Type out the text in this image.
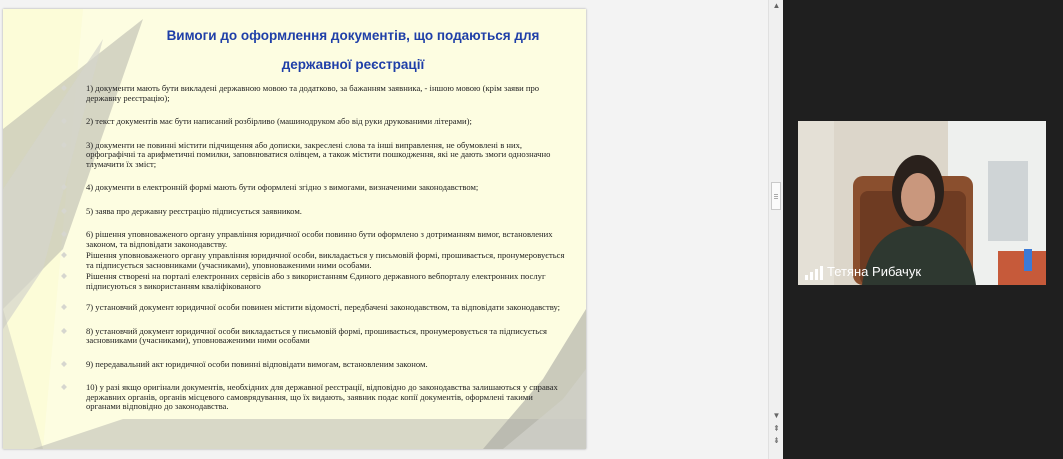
Вимоги до оформлення документів, що подаються для
державної реєстрації
1) документи мають бути викладені державною мовою та додатково, за бажанням заявника, - іншою мовою (крім заяви про державну реєстрацію);
2) текст документів має бути написаний розбірливо (машинодруком або від руки друкованими літерами);
3) документи не повинні містити підчищення або дописки, закреслені слова та інші виправлення, не обумовлені в них, орфографічні та арифметичні помилки, заповнюватися олівцем, а також містити пошкодження, які не дають змоги однозначно тлумачити їх зміст;
4) документи в електронній формі мають бути оформлені згідно з вимогами, визначеними законодавством;
5) заява про державну реєстрацію підписується заявником.
6) рішення уповноваженого органу управління юридичної особи повинно бути оформлено з дотриманням вимог, встановлених законом, та відповідати законодавству.
Рішення уповноваженого органу управління юридичної особи, викладається у письмовій формі, прошивається, пронумеровується та підписується засновниками (учасниками), уповноваженими ними особами.
Рішення створені на порталі електронних сервісів або з використанням Єдиного державного вебпорталу електронних послуг підписуються з використанням кваліфікованого
7) установчий документ юридичної особи повинен містити відомості, передбачені законодавством, та відповідати законодавству;
8) установчий документ юридичної особи викладається у письмовій формі, прошивається, пронумеровується та підписується засновниками (учасниками), уповноваженими ними особами
9) передавальний акт юридичної особи повинні відповідати вимогам, встановленим законом.
10) у разі якщо оригінали документів, необхідних для державної реєстрації, відповідно до законодавства залишаються у справах державних органів, органів місцевого самоврядування, що їх видають, заявник подає копії документів, оформлені такими органами відповідно до законодавства.
▲
▼
⇞
⇟
Тетяна Рибачук
